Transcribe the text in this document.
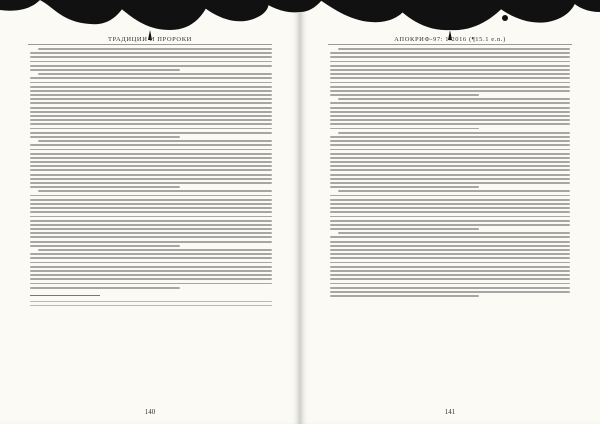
ТРАДИЦИИ И ПРОРОКИ
140
АПОКРИФ-97: 1.2016 (¶15.1 e.n.)
141
